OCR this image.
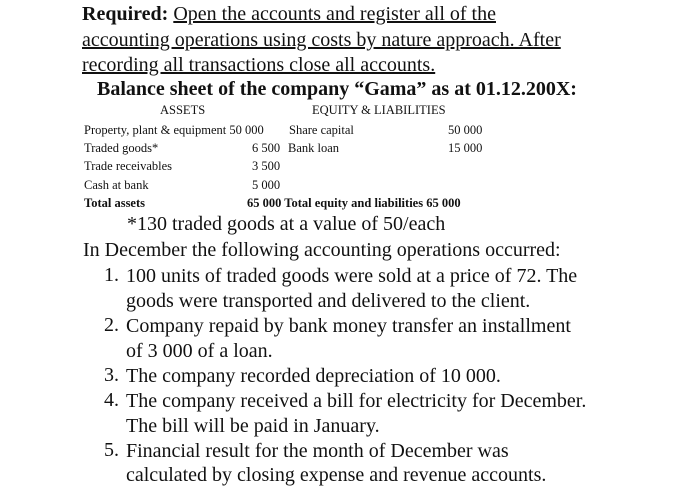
Required: Open the accounts and register all of the
accounting operations using costs by nature approach. After
recording all transactions close all accounts.
Balance sheet of the company “Gama” as at 01.12.200X:
ASSETS	EQUITY & LIABILITIES
Property, plant & equipment 50 000 Share capital	50 000
Traded goods*	6 500 Bank loan	15 000
Trade receivables	3 500
Cash at bank	5 000
Total assets	65 000 Total equity and liabilities 65 000
*130 traded goods at a value of 50/each
In December the following accounting operations occurred:
1. 100 units of traded goods were sold at a price of 72. The
goods were transported and delivered to the client.
2. Company repaid by bank money transfer an installment
of 3 000 of a loan.
3. The company recorded depreciation of 10 000.
4. The company received a bill for electricity for December.
The bill will be paid in January.
5. Financial result for the month of December was
calculated by closing expense and revenue accounts.
